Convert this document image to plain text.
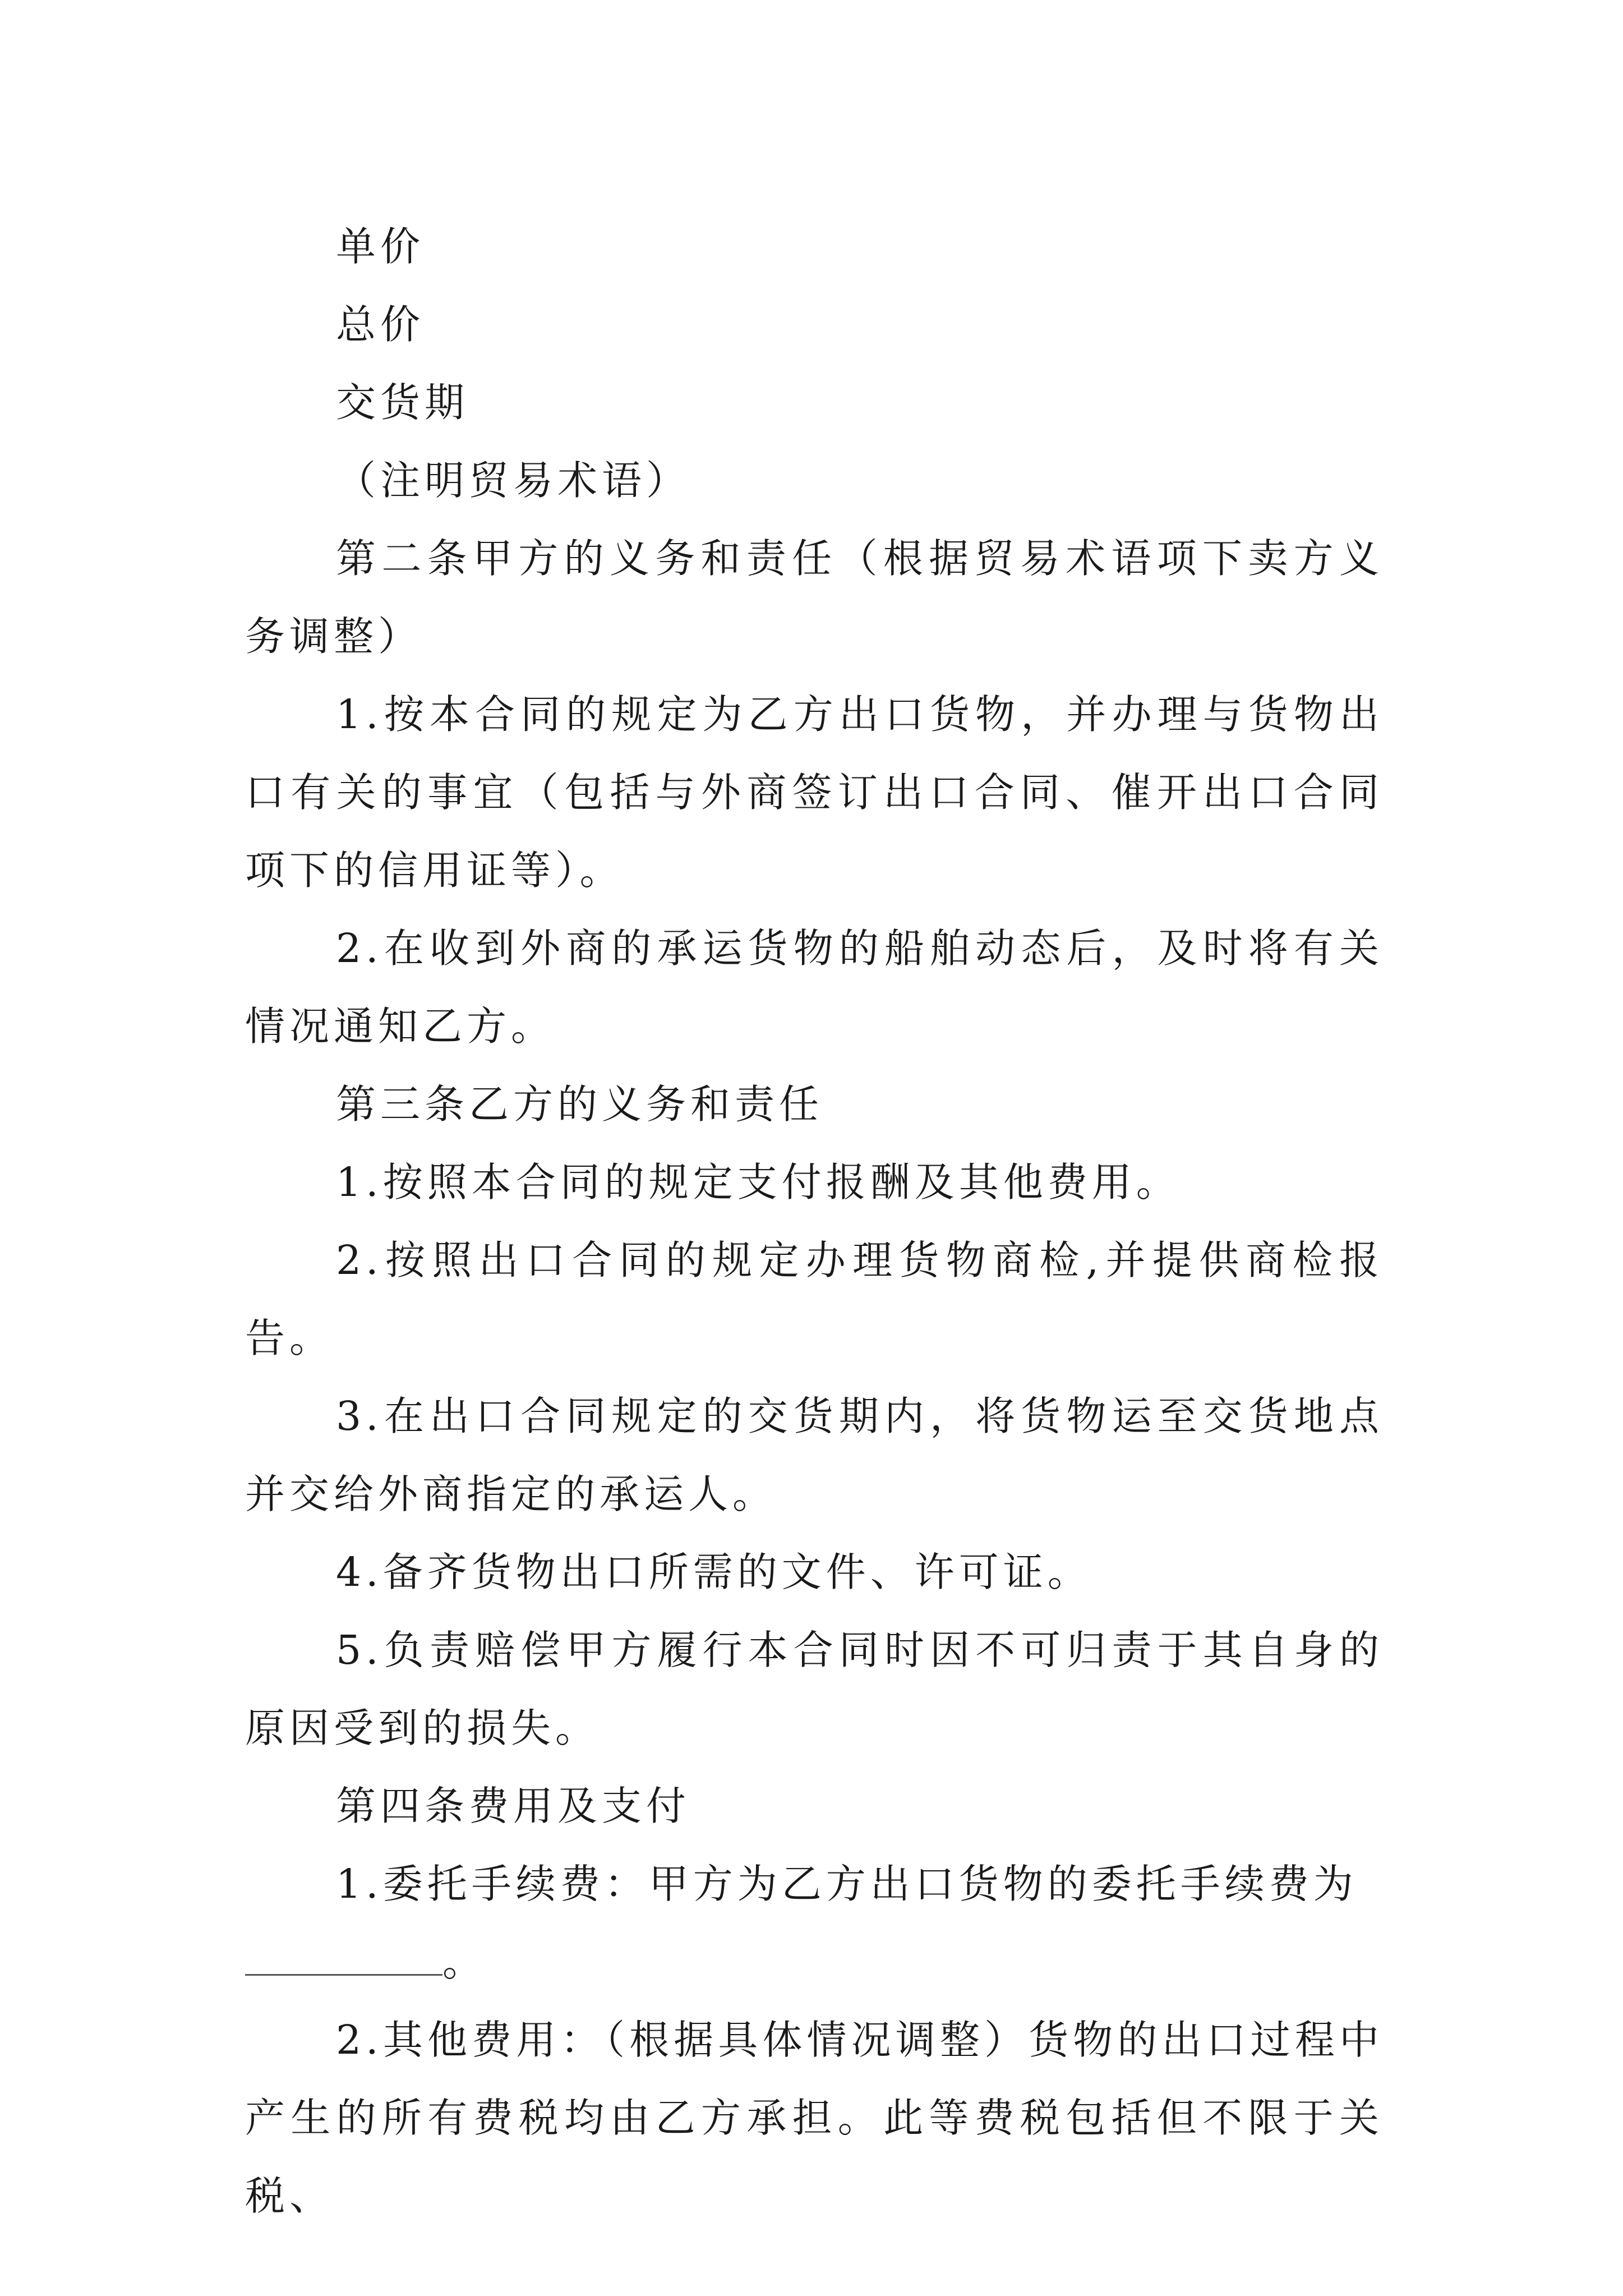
单价

总价

交货期

（注明贸易术语）

第二条甲方的义务和责任（根据贸易术语项下卖方义务调整）

1.按本合同的规定为乙方出口货物，并办理与货物出口有关的事宜（包括与外商签订出口合同、催开出口合同项下的信用证等）。

2.在收到外商的承运货物的船舶动态后，及时将有关情况通知乙方。

第三条乙方的义务和责任

1.按照本合同的规定支付报酬及其他费用。

2.按照出口合同的规定办理货物商检,并提供商检报告。

3.在出口合同规定的交货期内，将货物运至交货地点并交给外商指定的承运人。

4.备齐货物出口所需的文件、许可证。

5.负责赔偿甲方履行本合同时因不可归责于其自身的原因受到的损失。

第四条费用及支付

1.委托手续费：甲方为乙方出口货物的委托手续费为

。

2.其他费用：（根据具体情况调整）货物的出口过程中产生的所有费税均由乙方承担。此等费税包括但不限于关税、
